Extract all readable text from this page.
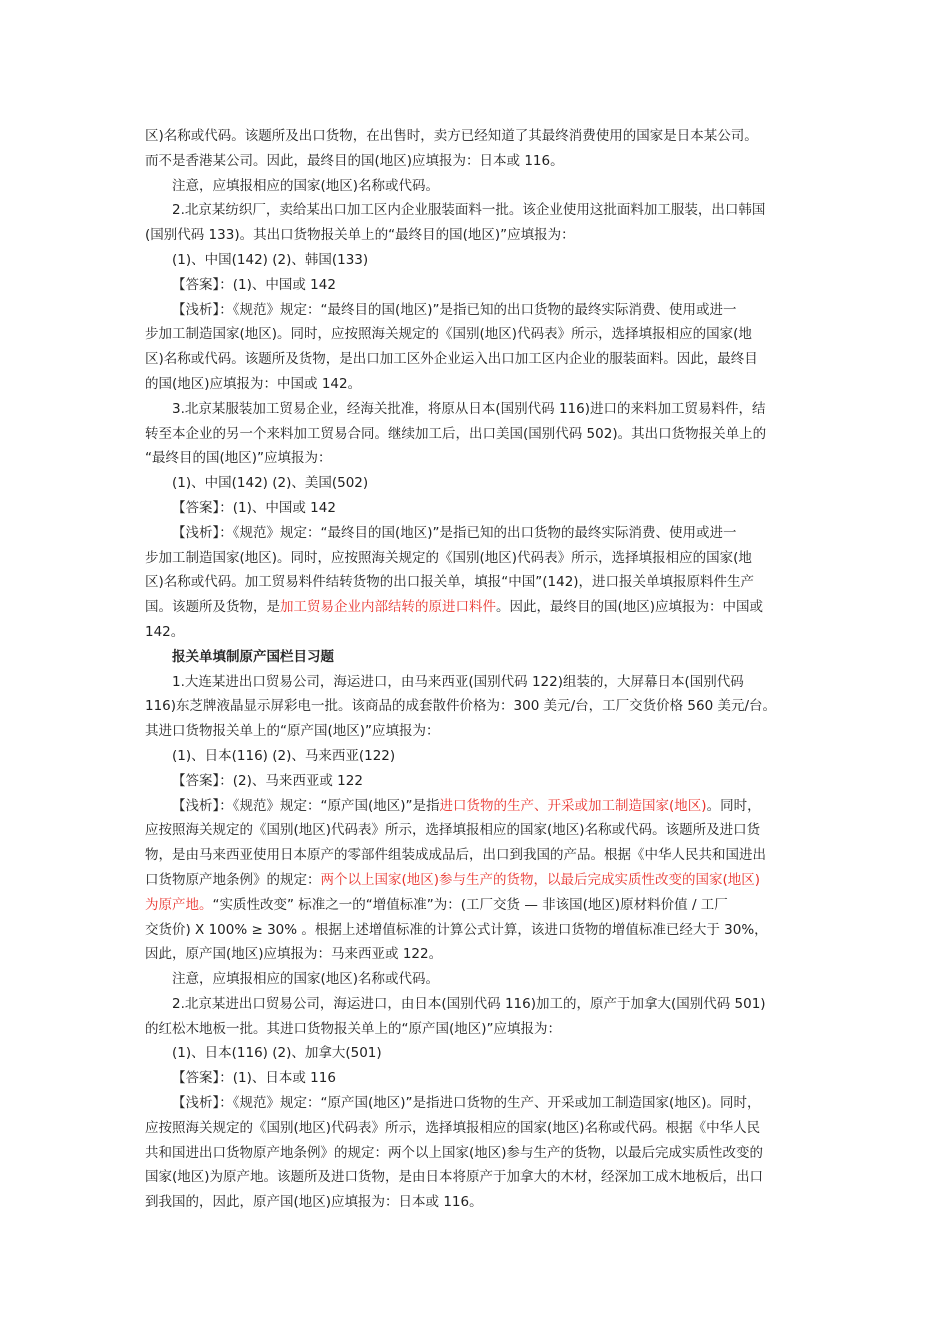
区)名称或代码。该题所及出口货物，在出售时，卖方已经知道了其最终消费使用的国家是日本某公司。
而不是香港某公司。因此，最终目的国(地区)应填报为：日本或 116。
注意，应填报相应的国家(地区)名称或代码。
2.北京某纺织厂，卖给某出口加工区内企业服装面料一批。该企业使用这批面料加工服装，出口韩国
(国别代码 133)。其出口货物报关单上的“最终目的国(地区)”应填报为：
(1)、中国(142) (2)、韩国(133)
【答案】：(1)、中国或 142
【浅析】：《规范》规定：“最终目的国(地区)”是指已知的出口货物的最终实际消费、使用或进一
步加工制造国家(地区)。同时，应按照海关规定的《国别(地区)代码表》所示，选择填报相应的国家(地
区)名称或代码。该题所及货物，是出口加工区外企业运入出口加工区内企业的服装面料。因此，最终目
的国(地区)应填报为：中国或 142。
3.北京某服装加工贸易企业，经海关批准，将原从日本(国别代码 116)进口的来料加工贸易料件，结
转至本企业的另一个来料加工贸易合同。继续加工后，出口美国(国别代码 502)。其出口货物报关单上的
“最终目的国(地区)”应填报为：
(1)、中国(142) (2)、美国(502)
【答案】：(1)、中国或 142
【浅析】：《规范》规定：“最终目的国(地区)”是指已知的出口货物的最终实际消费、使用或进一
步加工制造国家(地区)。同时，应按照海关规定的《国别(地区)代码表》所示，选择填报相应的国家(地
区)名称或代码。加工贸易料件结转货物的出口报关单，填报“中国”(142)，进口报关单填报原料件生产
国。该题所及货物，是加工贸易企业内部结转的原进口料件。因此，最终目的国(地区)应填报为：中国或
142。
报关单填制原产国栏目习题
1.大连某进出口贸易公司，海运进口，由马来西亚(国别代码 122)组装的，大屏幕日本(国别代码
116)东芝牌液晶显示屏彩电一批。该商品的成套散件价格为：300 美元/台，工厂交货价格 560 美元/台。
其进口货物报关单上的“原产国(地区)”应填报为：
(1)、日本(116) (2)、马来西亚(122)
【答案】：(2)、马来西亚或 122
【浅析】：《规范》规定：“原产国(地区)”是指进口货物的生产、开采或加工制造国家(地区)。同时，
应按照海关规定的《国别(地区)代码表》所示，选择填报相应的国家(地区)名称或代码。该题所及进口货
物，是由马来西亚使用日本原产的零部件组装成成品后，出口到我国的产品。根据《中华人民共和国进出
口货物原产地条例》的规定：两个以上国家(地区)参与生产的货物，以最后完成实质性改变的国家(地区)
为原产地。“实质性改变” 标准之一的“增值标准”为：(工厂交货 — 非该国(地区)原材料价值 / 工厂
交货价) X 100% ≥ 30% 。根据上述增值标准的计算公式计算，该进口货物的增值标准已经大于 30%，
因此，原产国(地区)应填报为：马来西亚或 122。
注意，应填报相应的国家(地区)名称或代码。
2.北京某进出口贸易公司，海运进口，由日本(国别代码 116)加工的，原产于加拿大(国别代码 501)
的红松木地板一批。其进口货物报关单上的“原产国(地区)”应填报为：
(1)、日本(116) (2)、加拿大(501)
【答案】：(1)、日本或 116
【浅析】：《规范》规定：“原产国(地区)”是指进口货物的生产、开采或加工制造国家(地区)。同时，
应按照海关规定的《国别(地区)代码表》所示，选择填报相应的国家(地区)名称或代码。根据《中华人民
共和国进出口货物原产地条例》的规定：两个以上国家(地区)参与生产的货物，以最后完成实质性改变的
国家(地区)为原产地。该题所及进口货物，是由日本将原产于加拿大的木材，经深加工成木地板后，出口
到我国的，因此，原产国(地区)应填报为：日本或 116。
